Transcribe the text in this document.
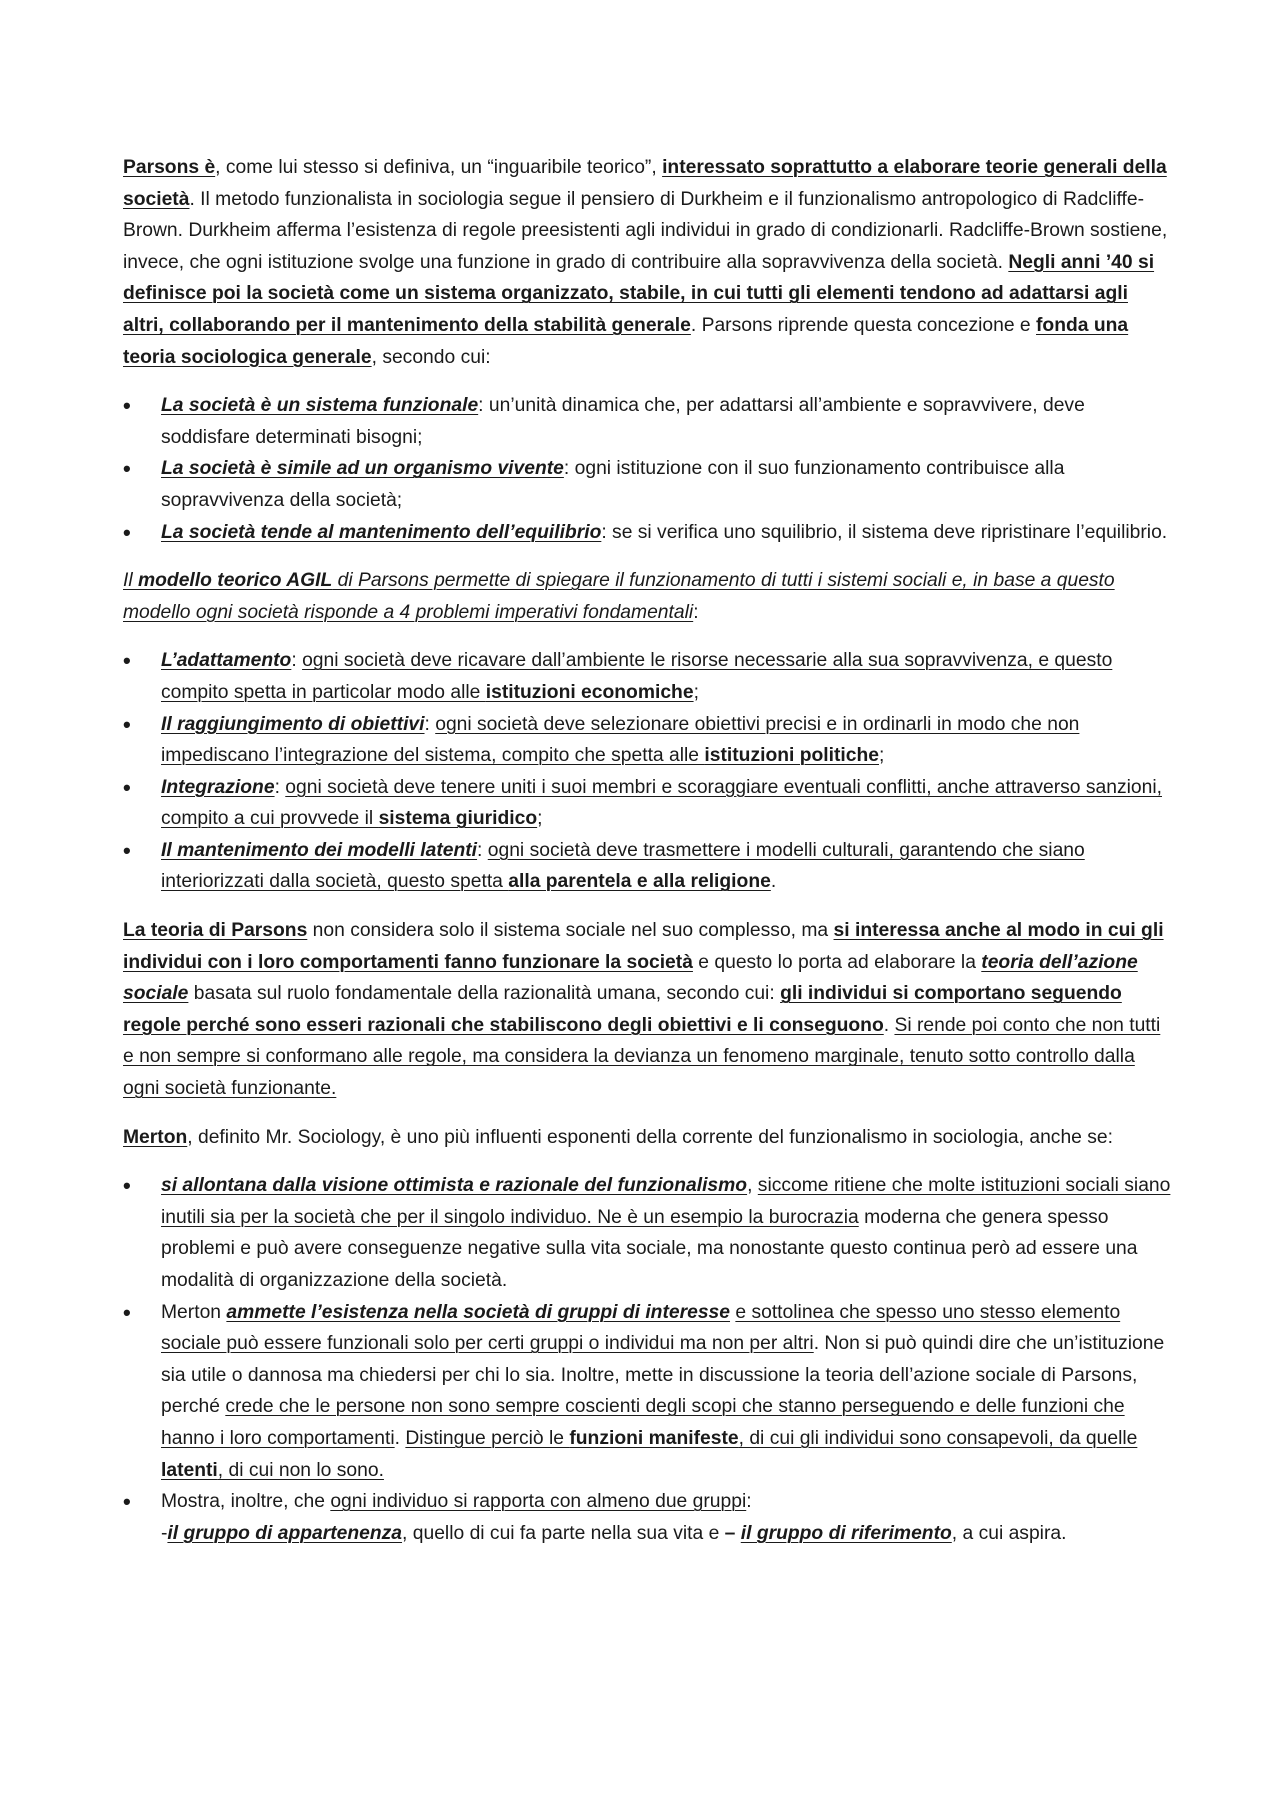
Parsons è, come lui stesso si definiva, un “inguaribile teorico”, interessato soprattutto a elaborare teorie generali della società. Il metodo funzionalista in sociologia segue il pensiero di Durkheim e il funzionalismo antropologico di Radcliffe- Brown. Durkheim afferma l’esistenza di regole preesistenti agli individui in grado di condizionarli. Radcliffe-Brown sostiene, invece, che ogni istituzione svolge una funzione in grado di contribuire alla sopravvivenza della società. Negli anni ’40 si definisce poi la società come un sistema organizzato, stabile, in cui tutti gli elementi tendono ad adattarsi agli altri, collaborando per il mantenimento della stabilità generale. Parsons riprende questa concezione e fonda una teoria sociologica generale, secondo cui:

• La società è un sistema funzionale: un’unità dinamica che, per adattarsi all’ambiente e sopravvivere, deve soddisfare determinati bisogni;
• La società è simile ad un organismo vivente: ogni istituzione con il suo funzionamento contribuisce alla sopravvivenza della società;
• La società tende al mantenimento dell’equilibrio: se si verifica uno squilibrio, il sistema deve ripristinare l’equilibrio.

Il modello teorico AGIL di Parsons permette di spiegare il funzionamento di tutti i sistemi sociali e, in base a questo modello ogni società risponde a 4 problemi imperativi fondamentali:

• L’adattamento: ogni società deve ricavare dall’ambiente le risorse necessarie alla sua sopravvivenza, e questo compito spetta in particolar modo alle istituzioni economiche;
• Il raggiungimento di obiettivi: ogni società deve selezionare obiettivi precisi e in ordinarli in modo che non impediscano l’integrazione del sistema, compito che spetta alle istituzioni politiche;
• Integrazione: ogni società deve tenere uniti i suoi membri e scoraggiare eventuali conflitti, anche attraverso sanzioni, compito a cui provvede il sistema giuridico;
• Il mantenimento dei modelli latenti: ogni società deve trasmettere i modelli culturali, garantendo che siano interiorizzati dalla società, questo spetta alla parentela e alla religione.

La teoria di Parsons non considera solo il sistema sociale nel suo complesso, ma si interessa anche al modo in cui gli individui con i loro comportamenti fanno funzionare la società e questo lo porta ad elaborare la teoria dell’azione sociale basata sul ruolo fondamentale della razionalità umana, secondo cui: gli individui si comportano seguendo regole perché sono esseri razionali che stabiliscono degli obiettivi e li conseguono. Si rende poi conto che non tutti e non sempre si conformano alle regole, ma considera la devianza un fenomeno marginale, tenuto sotto controllo dalla ogni società funzionante.

Merton, definito Mr. Sociology, è uno più influenti esponenti della corrente del funzionalismo in sociologia, anche se:

• si allontana dalla visione ottimista e razionale del funzionalismo, siccome ritiene che molte istituzioni sociali siano inutili sia per la società che per il singolo individuo. Ne è un esempio la burocrazia moderna che genera spesso problemi e può avere conseguenze negative sulla vita sociale, ma nonostante questo continua però ad essere una modalità di organizzazione della società.
• Merton ammette l’esistenza nella società di gruppi di interesse e sottolinea che spesso uno stesso elemento sociale può essere funzionali solo per certi gruppi o individui ma non per altri. Non si può quindi dire che un’istituzione sia utile o dannosa ma chiedersi per chi lo sia. Inoltre, mette in discussione la teoria dell’azione sociale di Parsons, perché crede che le persone non sono sempre coscienti degli scopi che stanno perseguendo e delle funzioni che hanno i loro comportamenti. Distingue perciò le funzioni manifeste, di cui gli individui sono consapevoli, da quelle latenti, di cui non lo sono.
• Mostra, inoltre, che ogni individuo si rapporta con almeno due gruppi:
-il gruppo di appartenenza, quello di cui fa parte nella sua vita e – il gruppo di riferimento, a cui aspira.
